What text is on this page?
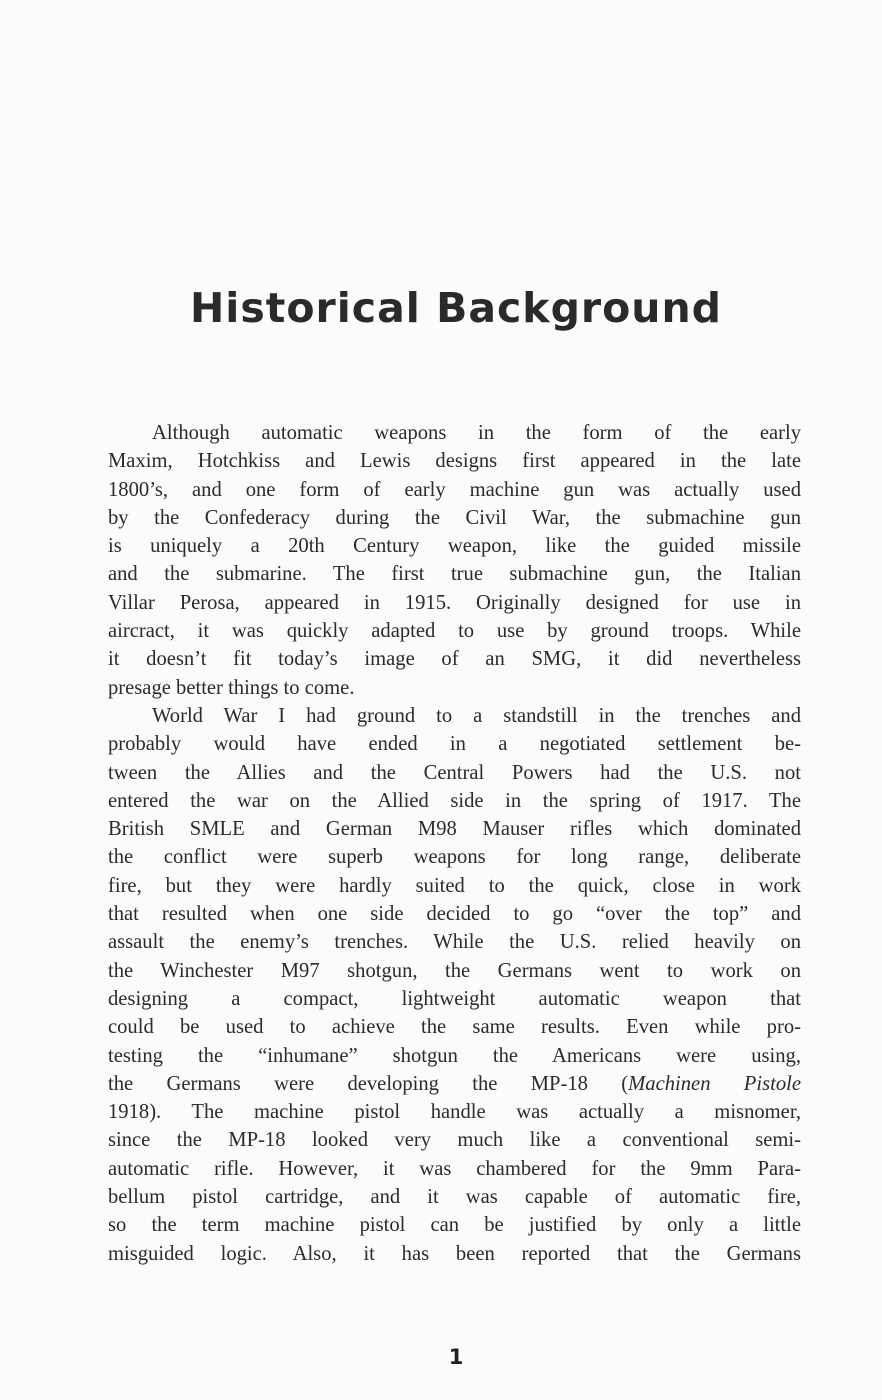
Historical Background
Although automatic weapons in the form of the early
Maxim, Hotchkiss and Lewis designs first appeared in the late
1800’s, and one form of early machine gun was actually used
by the Confederacy during the Civil War, the submachine gun
is uniquely a 20th Century weapon, like the guided missile
and the submarine. The first true submachine gun, the Italian
Villar Perosa, appeared in 1915. Originally designed for use in
aircract, it was quickly adapted to use by ground troops. While
it doesn’t fit today’s image of an SMG, it did nevertheless
presage better things to come.
World War I had ground to a standstill in the trenches and
probably would have ended in a negotiated settlement be-
tween the Allies and the Central Powers had the U.S. not
entered the war on the Allied side in the spring of 1917. The
British SMLE and German M98 Mauser rifles which dominated
the conflict were superb weapons for long range, deliberate
fire, but they were hardly suited to the quick, close in work
that resulted when one side decided to go “over the top” and
assault the enemy’s trenches. While the U.S. relied heavily on
the Winchester M97 shotgun, the Germans went to work on
designing a compact, lightweight automatic weapon that
could be used to achieve the same results. Even while pro-
testing the “inhumane” shotgun the Americans were using,
the Germans were developing the MP-18 (Machinen Pistole
1918). The machine pistol handle was actually a misnomer,
since the MP-18 looked very much like a conventional semi-
automatic rifle. However, it was chambered for the 9mm Para-
bellum pistol cartridge, and it was capable of automatic fire,
so the term machine pistol can be justified by only a little
misguided logic. Also, it has been reported that the Germans
1
